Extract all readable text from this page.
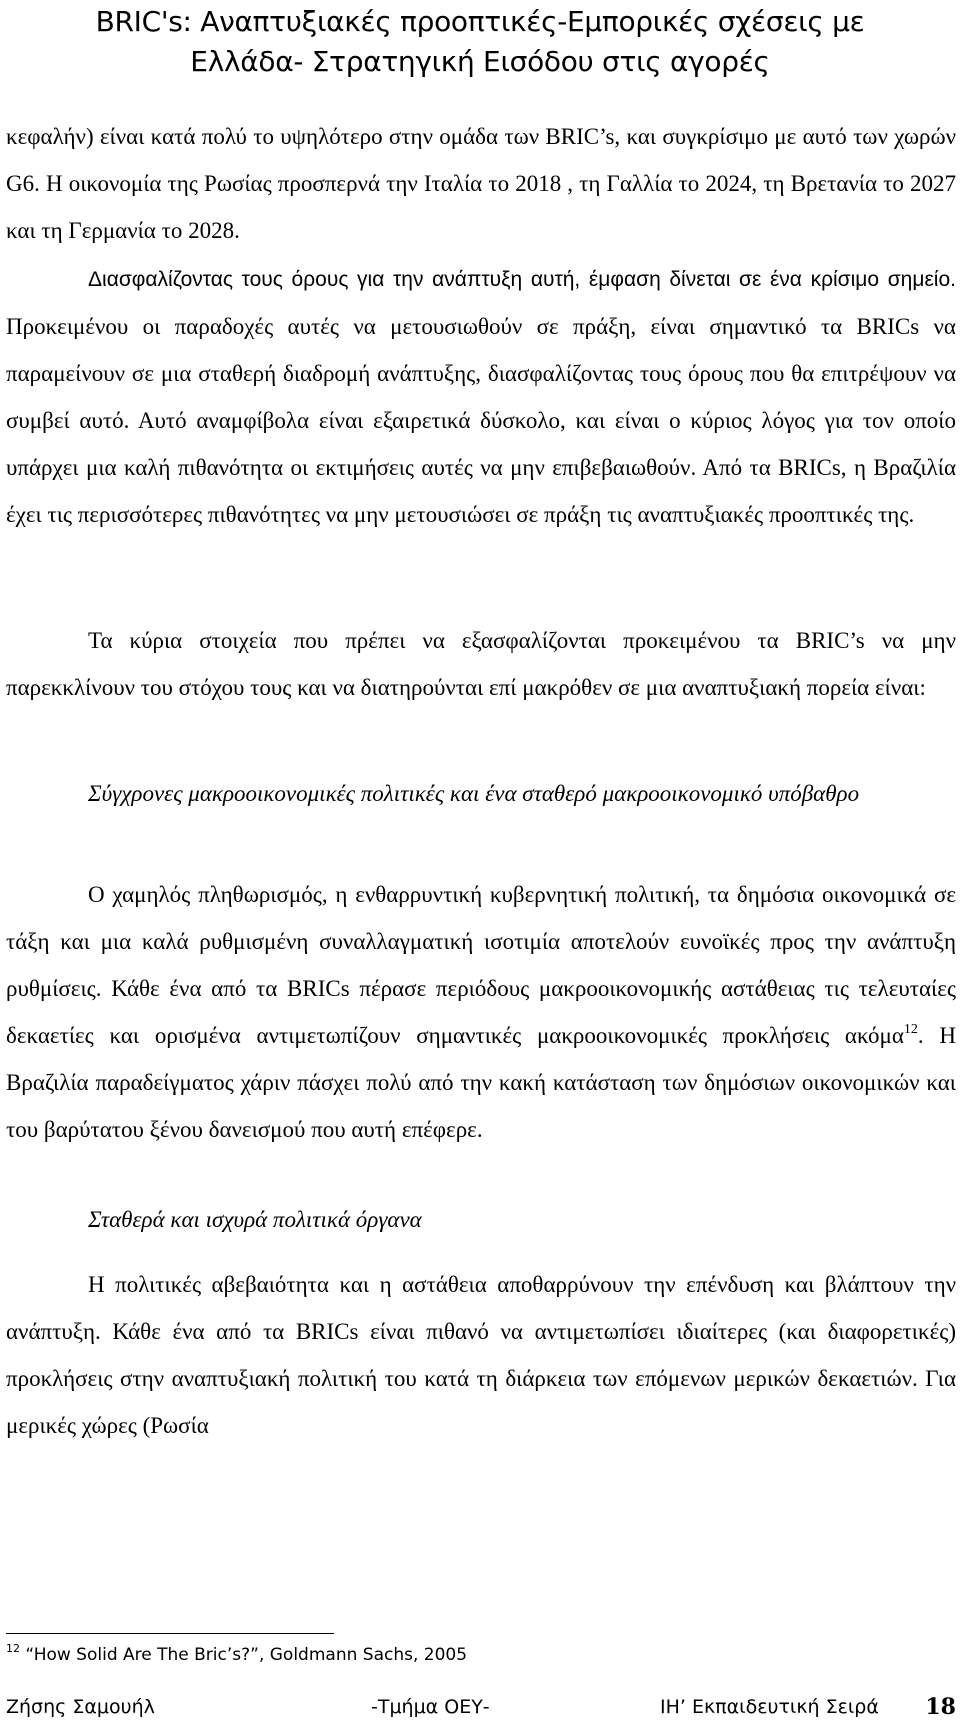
BRIC's: Αναπτυξιακές προοπτικές-Εμπορικές σχέσεις με
Ελλάδα- Στρατηγική Εισόδου στις αγορές

κεφαλήν) είναι κατά πολύ το υψηλότερο στην ομάδα των BRIC’s, και συγκρίσιμο με αυτό των χωρών G6. Η οικονομία της Ρωσίας προσπερνά την Ιταλία το 2018 , τη Γαλλία το 2024, τη Βρετανία το 2027 και τη Γερμανία το 2028.

Διασφαλίζοντας τους όρους για την ανάπτυξη αυτή, έμφαση δίνεται σε ένα κρίσιμο σημείο. Προκειμένου οι παραδοχές αυτές να μετουσιωθούν σε πράξη, είναι σημαντικό τα BRICs να παραμείνουν σε μια σταθερή διαδρομή ανάπτυξης, διασφαλίζοντας τους όρους που θα επιτρέψουν να συμβεί αυτό. Αυτό αναμφίβολα είναι εξαιρετικά δύσκολο, και είναι ο κύριος λόγος για τον οποίο υπάρχει μια καλή πιθανότητα οι εκτιμήσεις αυτές να μην επιβεβαιωθούν. Από τα BRICs, η Βραζιλία έχει τις περισσότερες πιθανότητες να μην μετουσιώσει σε πράξη τις αναπτυξιακές προοπτικές της.

Τα κύρια στοιχεία που πρέπει να εξασφαλίζονται προκειμένου τα BRIC’s να μην παρεκκλίνουν του στόχου τους και να διατηρούνται επί μακρόθεν σε μια αναπτυξιακή πορεία είναι:

Σύγχρονες μακροοικονομικές πολιτικές και ένα σταθερό μακροοικονομικό υπόβαθρο

Ο χαμηλός πληθωρισμός, η ενθαρρυντική κυβερνητική πολιτική, τα δημόσια οικονομικά σε τάξη και μια καλά ρυθμισμένη συναλλαγματική ισοτιμία αποτελούν ευνοϊκές προς την ανάπτυξη ρυθμίσεις. Κάθε ένα από τα BRICs πέρασε περιόδους μακροοικονομικής αστάθειας τις τελευταίες δεκαετίες και ορισμένα αντιμετωπίζουν σημαντικές μακροοικονομικές προκλήσεις ακόμα$^{12}$. Η Βραζιλία παραδείγματος χάριν πάσχει πολύ από την κακή κατάσταση των δημόσιων οικονομικών και του βαρύτατου ξένου δανεισμού που αυτή επέφερε.

Σταθερά και ισχυρά πολιτικά όργανα

Η πολιτικές αβεβαιότητα και η αστάθεια αποθαρρύνουν την επένδυση και βλάπτουν την ανάπτυξη. Κάθε ένα από τα BRICs είναι πιθανό να αντιμετωπίσει ιδιαίτερες (και διαφορετικές) προκλήσεις στην αναπτυξιακή πολιτική του κατά τη διάρκεια των επόμενων μερικών δεκαετιών. Για μερικές χώρες (Ρωσία

$^{12}$ “How Solid Are The Bric’s?”, Goldmann Sachs, 2005
Ζήσης Σαμουήλ	-Τμήμα ΟΕΥ-	ΙΗ’ Εκπαιδευτική Σειρά 18
